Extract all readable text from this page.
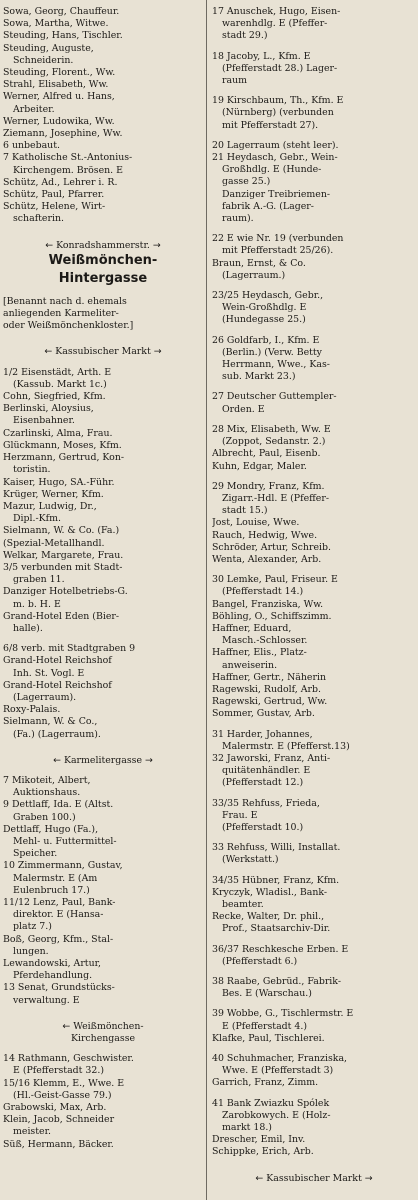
Sowa, Georg, Chauffeur.
Sowa, Martha, Witwe.
Steuding, Hans, Tischler.
Steuding, Auguste,
Schneiderin.
Steuding, Florent., Ww.
Strahl, Elisabeth, Ww.
Werner, Alfred u. Hans,
Arbeiter.
Werner, Ludowika, Ww.
Ziemann, Josephine, Ww.
6 unbebaut.
7 Katholische St.-Antonius-
Kirchengem. Brösen. E
Schütz, Ad., Lehrer i. R.
Schütz, Paul, Pfarrer.
Schütz, Helene, Wirt-
schafterin.
← Konradshammerstr. →
Weißmönchen-
Hintergasse
[Benannt nach d. ehemals
anliegenden Karmeliter-
oder Weißmönchenkloster.]
← Kassubischer Markt →
1/2 Eisenstädt, Arth. E
(Kassub. Markt 1c.)
Cohn, Siegfried, Kfm.
Berlinski, Aloysius,
Eisenbahner.
Czarlinski, Alma, Frau.
Glückmann, Moses, Kfm.
Herzmann, Gertrud, Kon-
toristin.
Kaiser, Hugo, SA.-Führ.
Krüger, Werner, Kfm.
Mazur, Ludwig, Dr.,
Dipl.-Kfm.
Sielmann, W. & Co. (Fa.)
(Spezial-Metallhandl.
Welkar, Margarete, Frau.
3/5 verbunden mit Stadt-
graben 11.
Danziger Hotelbetriebs-G.
m. b. H. E
Grand-Hotel Eden (Bier-
halle).
6/8 verb. mit Stadtgraben 9
Grand-Hotel Reichshof
Inh. St. Vogl. E
Grand-Hotel Reichshof
(Lagerraum).
Roxy-Palais.
Sielmann, W. & Co.,
(Fa.) (Lagerraum).
← Karmelitergasse →
7 Mikoteit, Albert,
Auktionshaus.
9 Dettlaff, Ida. E (Altst.
Graben 100.)
Dettlaff, Hugo (Fa.),
Mehl- u. Futtermittel-
Speicher.
10 Zimmermann, Gustav,
Malermstr. E (Am
Eulenbruch 17.)
11/12 Lenz, Paul, Bank-
direktor. E (Hansa-
platz 7.)
Boß, Georg, Kfm., Stal-
lungen.
Lewandowski, Artur,
Pferdehandlung.
13 Senat, Grundstücks-
verwaltung. E
← Weißmönchen-
Kirchengasse
14 Rathmann, Geschwister.
E (Pfefferstadt 32.)
15/16 Klemm, E., Wwe. E
(Hl.-Geist-Gasse 79.)
Grabowski, Max, Arb.
Klein, Jacob, Schneider
meister.
Süß, Hermann, Bäcker.
17 Anuschek, Hugo, Eisen-
warenhdlg. E (Pfeffer-
stadt 29.)
18 Jacoby, L., Kfm. E
(Pfefferstadt 28.) Lager-
raum
19 Kirschbaum, Th., Kfm. E
(Nürnberg) (verbunden
mit Pfefferstadt 27).
20 Lagerraum (steht leer).
21 Heydasch, Gebr., Wein-
Großhdlg. E (Hunde-
gasse 25.)
Danziger Treibriemen-
fabrik A.-G. (Lager-
raum).
22 E wie Nr. 19 (verbunden
mit Pfefferstadt 25/26).
Braun, Ernst, & Co.
(Lagerraum.)
23/25 Heydasch, Gebr.,
Wein-Großhdlg. E
(Hundegasse 25.)
26 Goldfarb, I., Kfm. E
(Berlin.) (Verw. Betty
Herrmann, Wwe., Kas-
sub. Markt 23.)
27 Deutscher Guttempler-
Orden. E
28 Mix, Elisabeth, Ww. E
(Zoppot, Sedanstr. 2.)
Albrecht, Paul, Eisenb.
Kuhn, Edgar, Maler.
29 Mondry, Franz, Kfm.
Zigarr.-Hdl. E (Pfeffer-
stadt 15.)
Jost, Louise, Wwe.
Rauch, Hedwig, Wwe.
Schröder, Artur, Schreib.
Wenta, Alexander, Arb.
30 Lemke, Paul, Friseur. E
(Pfefferstadt 14.)
Bangel, Franziska, Ww.
Böhling, O., Schiffszimm.
Haffner, Eduard,
Masch.-Schlosser.
Haffner, Elis., Platz-
anweiserin.
Haffner, Gertr., Näherin
Ragewski, Rudolf, Arb.
Ragewski, Gertrud, Ww.
Sommer, Gustav, Arb.
31 Harder, Johannes,
Malermstr. E (Pfefferst.13)
32 Jaworski, Franz, Anti-
quitätenhändler. E
(Pfefferstadt 12.)
33/35 Rehfuss, Frieda,
Frau. E
(Pfefferstadt 10.)
33 Rehfuss, Willi, Installat.
(Werkstatt.)
34/35 Hübner, Franz, Kfm.
Kryczyk, Wladisl., Bank-
beamter.
Recke, Walter, Dr. phil.,
Prof., Staatsarchiv-Dir.
36/37 Reschkesche Erben. E
(Pfefferstadt 6.)
38 Raabe, Gebrüd., Fabrik-
Bes. E (Warschau.)
39 Wobbe, G., Tischlermstr. E
E (Pfefferstadt 4.)
Klafke, Paul, Tischlerei.
40 Schuhmacher, Franziska,
Wwe. E (Pfefferstadt 3)
Garrich, Franz, Zimm.
41 Bank Zwiazku Spólek
Zarobkowych. E (Holz-
markt 18.)
Drescher, Emil, Inv.
Schippke, Erich, Arb.
← Kassubischer Markt →
